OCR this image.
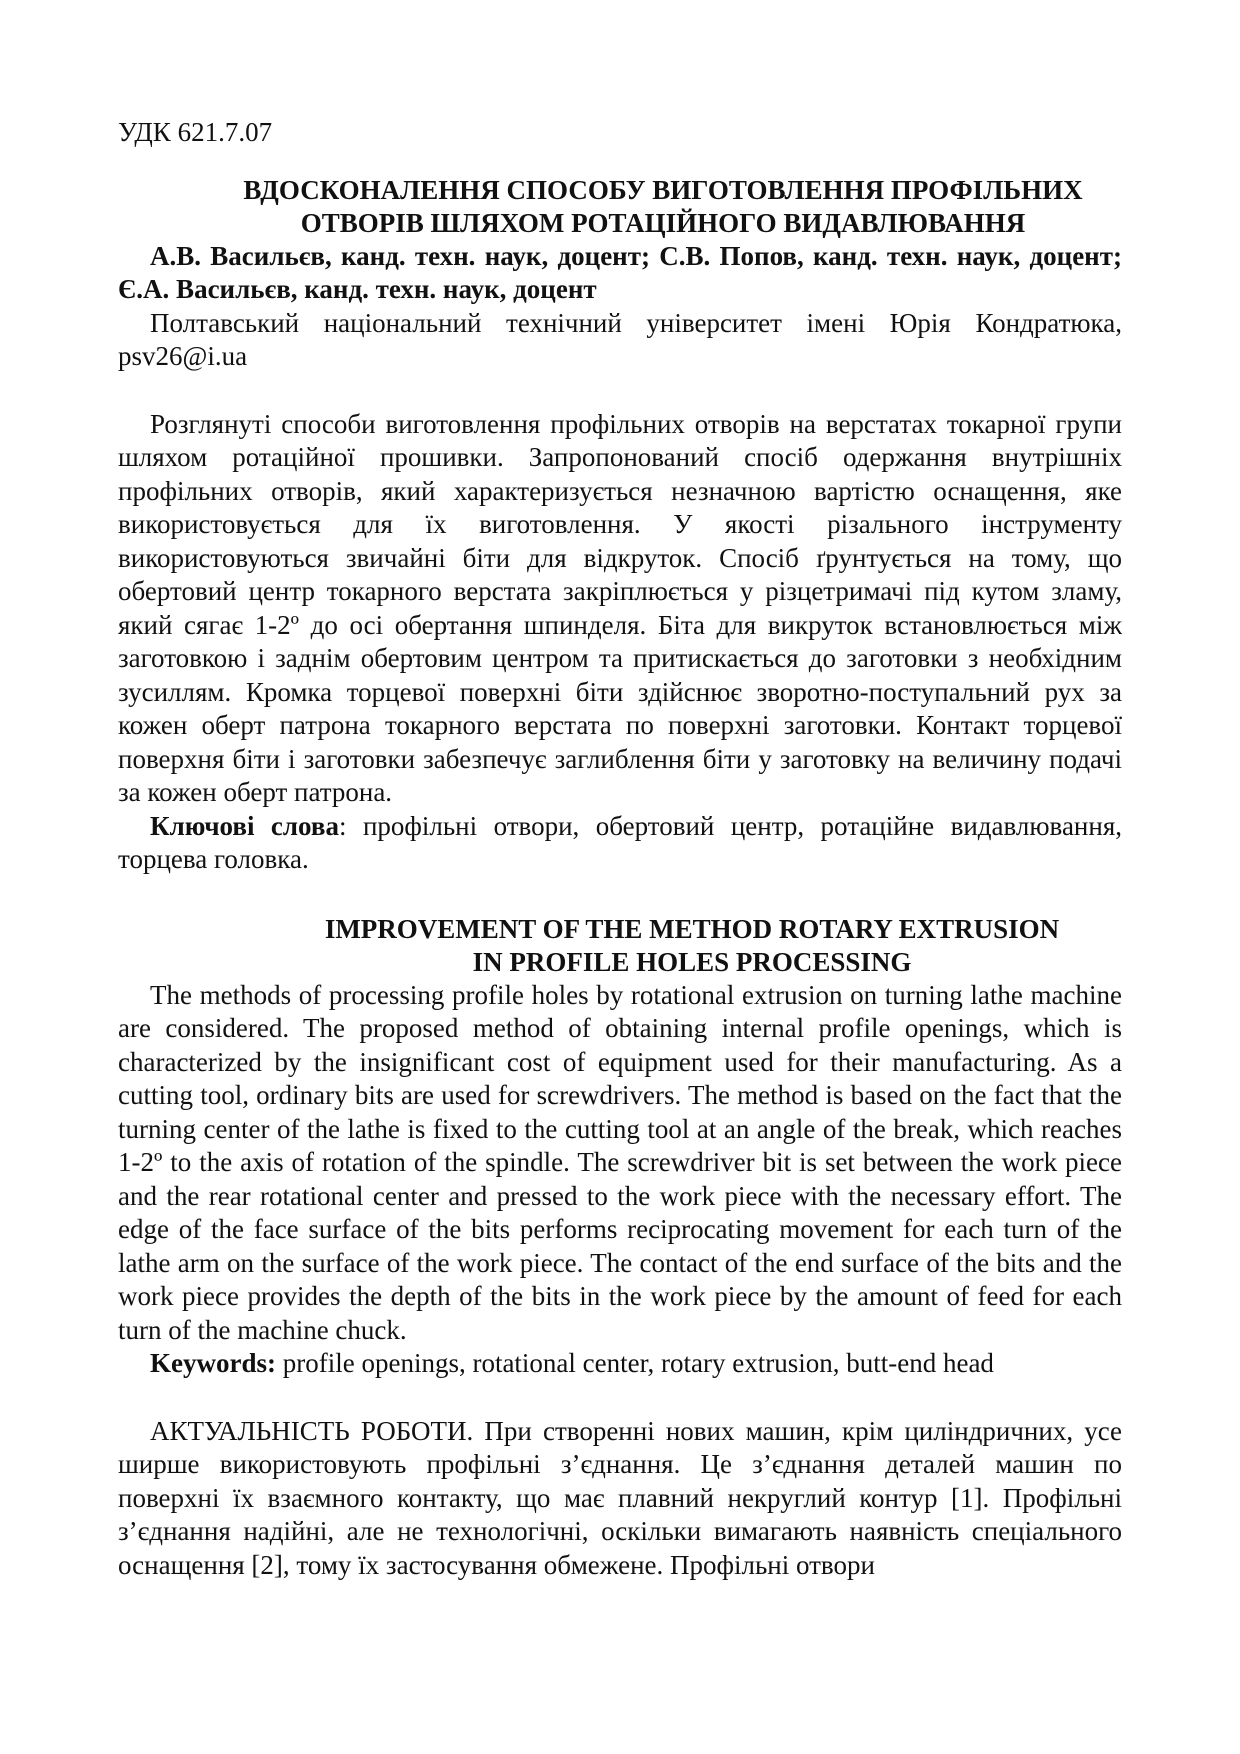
УДК 621.7.07

ВДОСКОНАЛЕННЯ СПОСОБУ ВИГОТОВЛЕННЯ ПРОФІЛЬНИХ
ОТВОРІВ ШЛЯХОМ РОТАЦІЙНОГО ВИДАВЛЮВАННЯ

А.В. Васильєв, канд. техн. наук, доцент; С.В. Попов, канд. техн. наук, доцент; Є.А. Васильєв, канд. техн. наук, доцент

Полтавський національний технічний університет імені Юрія Кондратюка, psv26@i.ua

Розглянуті способи виготовлення профільних отворів на верстатах токарної групи шляхом ротаційної прошивки. Запропонований спосіб одержання внутрішніх профільних отворів, який характеризується незначною вартістю оснащення, яке використовується для їх виготовлення. У якості різального інструменту використовуються звичайні біти для відкруток. Спосіб ґрунтується на тому, що обертовий центр токарного верстата закріплюється у різцетримачі під кутом зламу, який сягає 1-2º до осі обертання шпинделя. Біта для викруток встановлюється між заготовкою і заднім обертовим центром та притискається до заготовки з необхідним зусиллям. Кромка торцевої поверхні біти здійснює зворотно-поступальний рух за кожен оберт патрона токарного верстата по поверхні заготовки. Контакт торцевої поверхня біти і заготовки забезпечує заглиблення біти у заготовку на величину подачі за кожен оберт патрона.

Ключові слова: профільні отвори, обертовий центр, ротаційне видавлювання, торцева головка.

IMPROVEMENT OF THE METHOD ROTARY EXTRUSION
IN PROFILE HOLES PROCESSING

The methods of processing profile holes by rotational extrusion on turning lathe machine are considered. The proposed method of obtaining internal profile openings, which is characterized by the insignificant cost of equipment used for their manufacturing. As a cutting tool, ordinary bits are used for screwdrivers. The method is based on the fact that the turning center of the lathe is fixed to the cutting tool at an angle of the break, which reaches 1-2º to the axis of rotation of the spindle. The screwdriver bit is set between the work piece and the rear rotational center and pressed to the work piece with the necessary effort. The edge of the face surface of the bits performs reciprocating movement for each turn of the lathe arm on the surface of the work piece. The contact of the end surface of the bits and the work piece provides the depth of the bits in the work piece by the amount of feed for each turn of the machine chuck.

Keywords: profile openings, rotational center, rotary extrusion, butt-end head

АКТУАЛЬНІСТЬ РОБОТИ. При створенні нових машин, крім циліндричних, усе ширше використовують профільні з’єднання. Це з’єднання деталей машин по поверхні їх взаємного контакту, що має плавний некруглий контур [1]. Профільні з’єднання надійні, але не технологічні, оскільки вимагають наявність спеціального оснащення [2], тому їх застосування обмежене. Профільні отвори
